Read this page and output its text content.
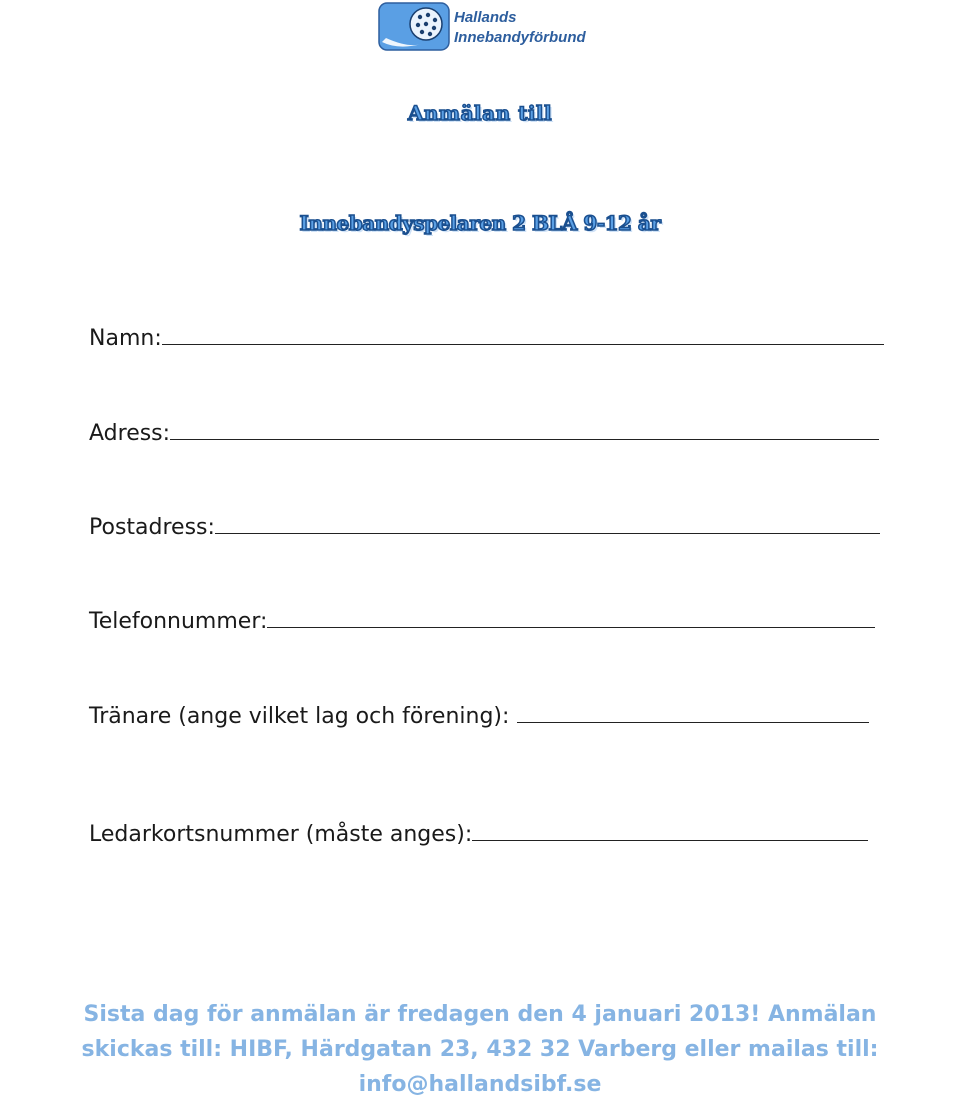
Hallands
Innebandyförbund
Anmälan till
Innebandyspelaren 2 BLÅ 9-12 år
Namn:
Adress:
Postadress:
Telefonnummer:
Tränare (ange vilket lag och förening):
Ledarkortsnummer (måste anges):
Sista dag för anmälan är fredagen den 4 januari 2013! Anmälan skickas till: HIBF, Härdgatan 23, 432 32 Varberg eller mailas till: info@hallandsibf.se
